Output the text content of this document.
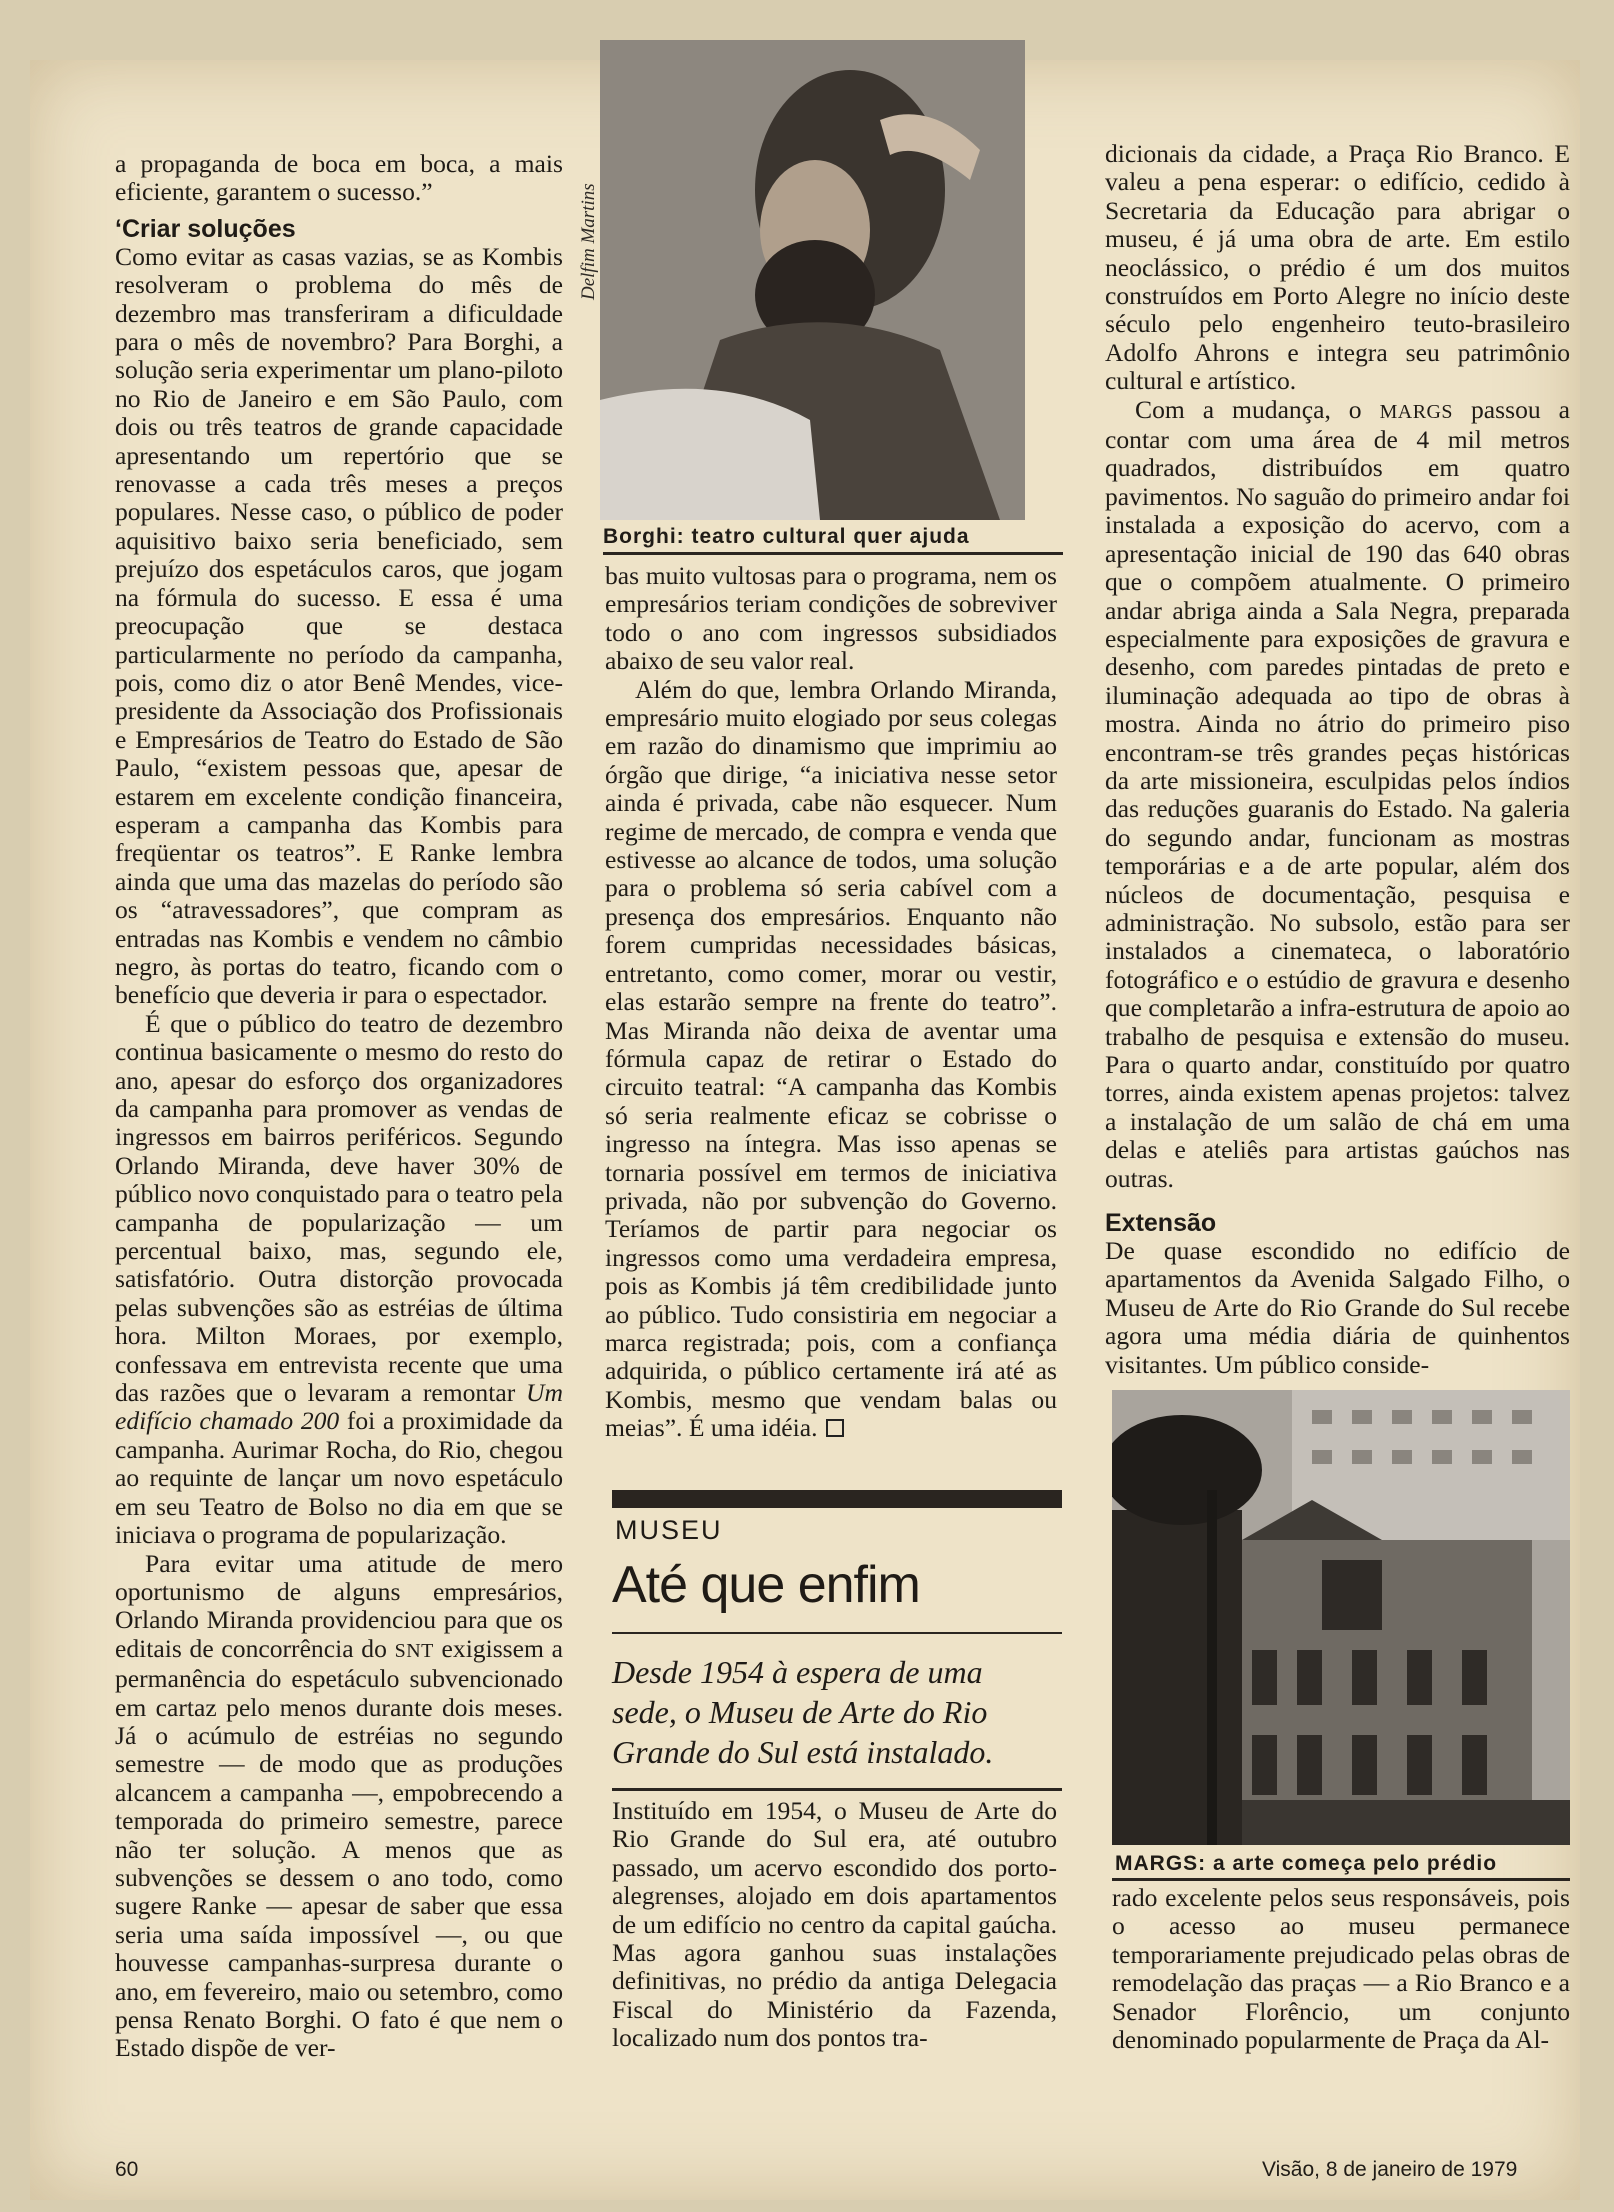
a propaganda de boca em boca, a mais eficiente, garantem o sucesso.”

‘Criar soluções

Como evitar as casas vazias, se as Kombis resolveram o problema do mês de dezembro mas transferiram a dificuldade para o mês de novembro? Para Borghi, a solução seria experimentar um plano-piloto no Rio de Janeiro e em São Paulo, com dois ou três teatros de grande capacidade apresentando um repertório que se renovasse a cada três meses a preços populares. Nesse caso, o público de poder aquisitivo baixo seria beneficiado, sem prejuízo dos espetáculos caros, que jogam na fórmula do sucesso. E essa é uma preocupação que se destaca particularmente no período da campanha, pois, como diz o ator Benê Mendes, vice-presidente da Associação dos Profissionais e Empresários de Teatro do Estado de São Paulo, “existem pessoas que, apesar de estarem em excelente condição financeira, esperam a campanha das Kombis para freqüentar os teatros”. E Ranke lembra ainda que uma das mazelas do período são os “atravessadores”, que compram as entradas nas Kombis e vendem no câmbio negro, às portas do teatro, ficando com o benefício que deveria ir para o espectador.

É que o público do teatro de dezembro continua basicamente o mesmo do resto do ano, apesar do esforço dos organizadores da campanha para promover as vendas de ingressos em bairros periféricos. Segundo Orlando Miranda, deve haver 30% de público novo conquistado para o teatro pela campanha de popularização — um percentual baixo, mas, segundo ele, satisfatório. Outra distorção provocada pelas subvenções são as estréias de última hora. Milton Moraes, por exemplo, confessava em entrevista recente que uma das razões que o levaram a remontar Um edifício chamado 200 foi a proximidade da campanha. Aurimar Rocha, do Rio, chegou ao requinte de lançar um novo espetáculo em seu Teatro de Bolso no dia em que se iniciava o programa de popularização.

Para evitar uma atitude de mero oportunismo de alguns empresários, Orlando Miranda providenciou para que os editais de concorrência do SNT exigissem a permanência do espetáculo subvencionado em cartaz pelo menos durante dois meses. Já o acúmulo de estréias no segundo semestre — de modo que as produções alcancem a campanha —, empobrecendo a temporada do primeiro semestre, parece não ter solução. A menos que as subvenções se dessem o ano todo, como sugere Ranke — apesar de saber que essa seria uma saída impossível —, ou que houvesse campanhas-surpresa durante o ano, em fevereiro, maio ou setembro, como pensa Renato Borghi. O fato é que nem o Estado dispõe de ver-

Delfim Martins
Borghi: teatro cultural quer ajuda

bas muito vultosas para o programa, nem os empresários teriam condições de sobreviver todo o ano com ingressos subsidiados abaixo de seu valor real.

Além do que, lembra Orlando Miranda, empresário muito elogiado por seus colegas em razão do dinamismo que imprimiu ao órgão que dirige, “a iniciativa nesse setor ainda é privada, cabe não esquecer. Num regime de mercado, de compra e venda que estivesse ao alcance de todos, uma solução para o problema só seria cabível com a presença dos empresários. Enquanto não forem cumpridas necessidades básicas, entretanto, como comer, morar ou vestir, elas estarão sempre na frente do teatro”. Mas Miranda não deixa de aventar uma fórmula capaz de retirar o Estado do circuito teatral: “A campanha das Kombis só seria realmente eficaz se cobrisse o ingresso na íntegra. Mas isso apenas se tornaria possível em termos de iniciativa privada, não por subvenção do Governo. Teríamos de partir para negociar os ingressos como uma verdadeira empresa, pois as Kombis já têm credibilidade junto ao público. Tudo consistiria em negociar a marca registrada; pois, com a confiança adquirida, o público certamente irá até as Kombis, mesmo que vendam balas ou meias”. É uma idéia.

MUSEU
Até que enfim
Desde 1954 à espera de uma sede, o Museu de Arte do Rio Grande do Sul está instalado.

Instituído em 1954, o Museu de Arte do Rio Grande do Sul era, até outubro passado, um acervo escondido dos porto-alegrenses, alojado em dois apartamentos de um edifício no centro da capital gaúcha. Mas agora ganhou suas instalações definitivas, no prédio da antiga Delegacia Fiscal do Ministério da Fazenda, localizado num dos pontos tra-

dicionais da cidade, a Praça Rio Branco. E valeu a pena esperar: o edifício, cedido à Secretaria da Educação para abrigar o museu, é já uma obra de arte. Em estilo neoclássico, o prédio é um dos muitos construídos em Porto Alegre no início deste século pelo engenheiro teuto-brasileiro Adolfo Ahrons e integra seu patrimônio cultural e artístico.

Com a mudança, o MARGS passou a contar com uma área de 4 mil metros quadrados, distribuídos em quatro pavimentos. No saguão do primeiro andar foi instalada a exposição do acervo, com a apresentação inicial de 190 das 640 obras que o compõem atualmente. O primeiro andar abriga ainda a Sala Negra, preparada especialmente para exposições de gravura e desenho, com paredes pintadas de preto e iluminação adequada ao tipo de obras à mostra. Ainda no átrio do primeiro piso encontram-se três grandes peças históricas da arte missioneira, esculpidas pelos índios das reduções guaranis do Estado. Na galeria do segundo andar, funcionam as mostras temporárias e a de arte popular, além dos núcleos de documentação, pesquisa e administração. No subsolo, estão para ser instalados a cinemateca, o laboratório fotográfico e o estúdio de gravura e desenho que completarão a infra-estrutura de apoio ao trabalho de pesquisa e extensão do museu. Para o quarto andar, constituído por quatro torres, ainda existem apenas projetos: talvez a instalação de um salão de chá em uma delas e ateliês para artistas gaúchos nas outras.

Extensão

De quase escondido no edifício de apartamentos da Avenida Salgado Filho, o Museu de Arte do Rio Grande do Sul recebe agora uma média diária de quinhentos visitantes. Um público conside-

MARGS: a arte começa pelo prédio

rado excelente pelos seus responsáveis, pois o acesso ao museu permanece temporariamente prejudicado pelas obras de remodelação das praças — a Rio Branco e a Senador Florêncio, um conjunto denominado popularmente de Praça da Al-

60	Visão, 8 de janeiro de 1979
